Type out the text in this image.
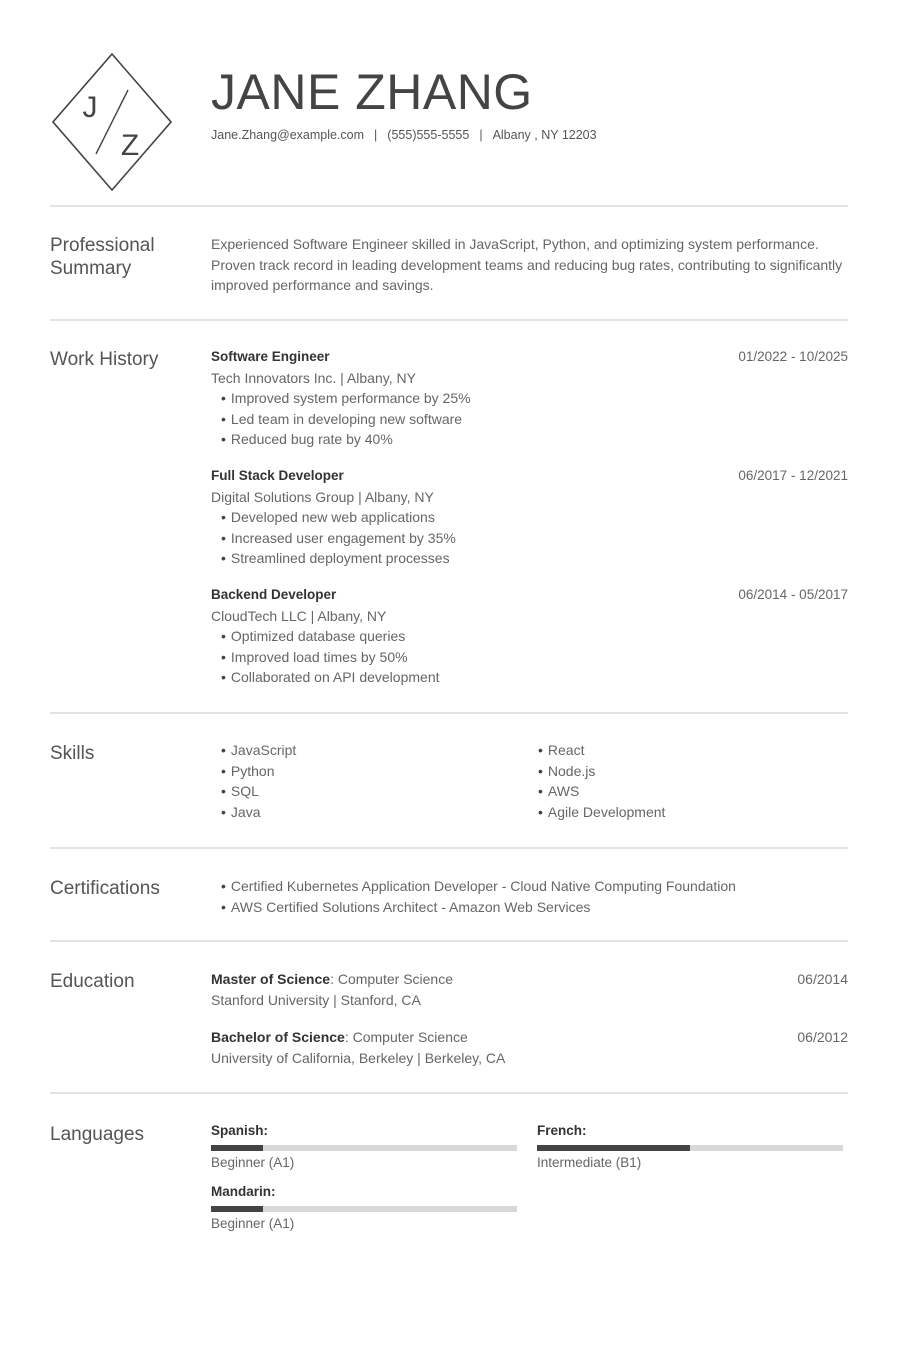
J
Z
JANE ZHANG
Jane.Zhang@example.com | (555)555-5555 | Albany , NY 12203
Professional Summary
Experienced Software Engineer skilled in JavaScript, Python, and optimizing system performance. Proven track record in leading development teams and reducing bug rates, contributing to significantly improved performance and savings.
Work History	Software Engineer	01/2022 - 10/2025
Tech Innovators Inc. | Albany, NY
• Improved system performance by 25%
• Led team in developing new software
• Reduced bug rate by 40%
Full Stack Developer	06/2017 - 12/2021
Digital Solutions Group | Albany, NY
• Developed new web applications
• Increased user engagement by 35%
• Streamlined deployment processes
Backend Developer	06/2014 - 05/2017
CloudTech LLC | Albany, NY
• Optimized database queries
• Improved load times by 50%
• Collaborated on API development
Skills	• JavaScript
• Python
• SQL
• Java
• React
• Node.js
• AWS
• Agile Development
Certifications	• Certified Kubernetes Application Developer - Cloud Native Computing Foundation
• AWS Certified Solutions Architect - Amazon Web Services
Education	Master of Science: Computer Science	06/2014
Stanford University | Stanford, CA
Bachelor of Science: Computer Science	06/2012
University of California, Berkeley | Berkeley, CA
Languages	Spanish:
Beginner (A1)
French:
Intermediate (B1)
Mandarin:
Beginner (A1)
